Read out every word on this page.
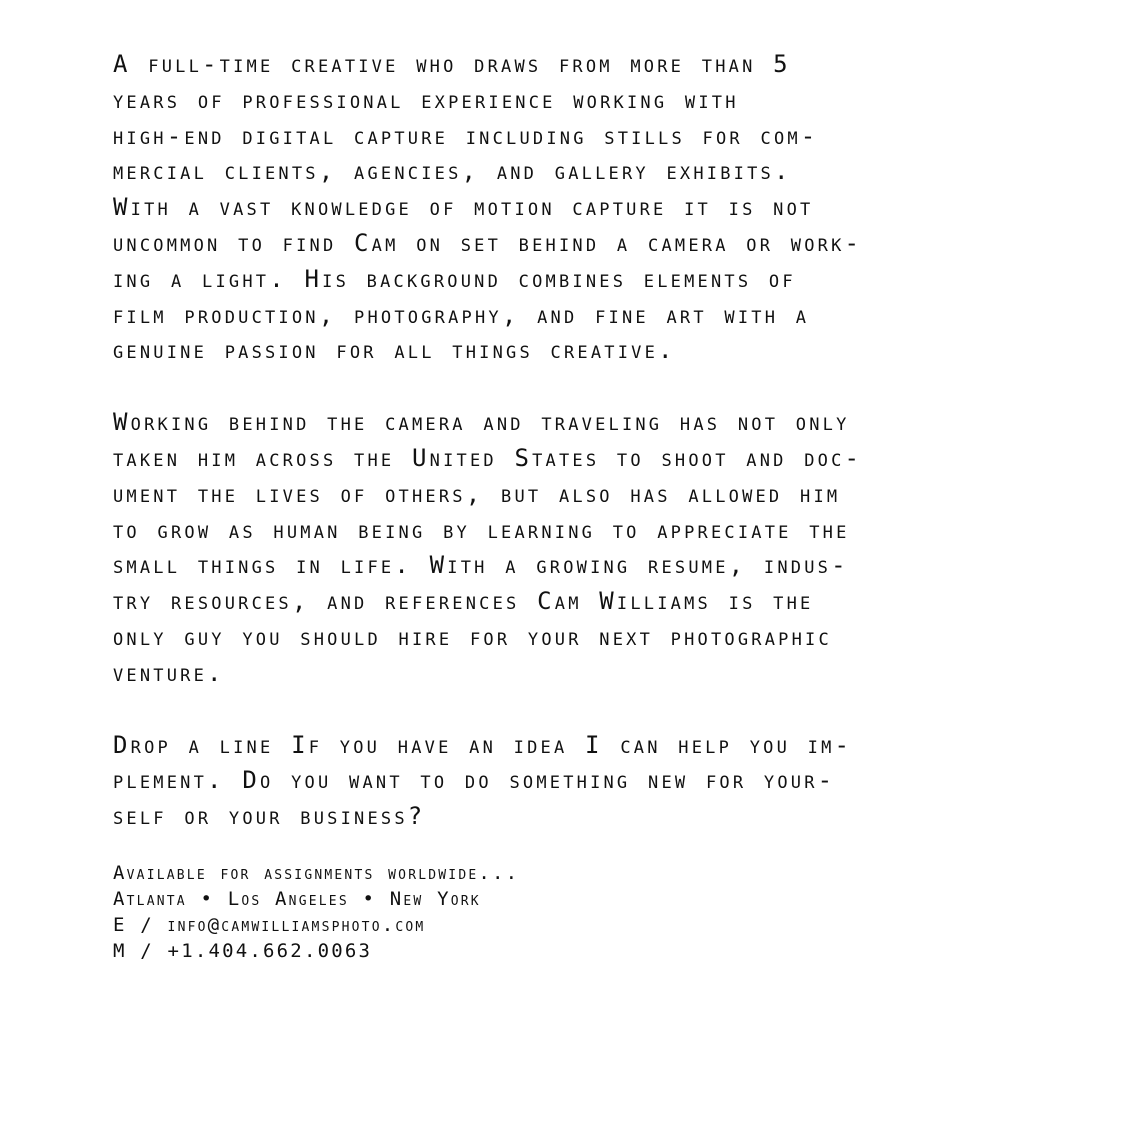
A full-time creative who draws from more than 5
years of professional experience working with
high-end digital capture including stills for com-
mercial clients, agencies, and gallery exhibits.
With a vast knowledge of motion capture it is not
uncommon to find Cam on set behind a camera or work-
ing a light. His background combines elements of
film production, photography, and fine art with a
genuine passion for all things creative.
Working behind the camera and traveling has not only
taken him across the United States to shoot and doc-
ument the lives of others, but also has allowed him
to grow as human being by learning to appreciate the
small things in life. With a growing resume, indus-
try resources, and references Cam Williams is the
only guy you should hire for your next photographic
venture.
Drop a line If you have an idea I can help you im-
plement. Do you want to do something new for your-
self or your business?
Available for assignments worldwide...
Atlanta • Los Angeles • New York
E / info@camwilliamsphoto.com
M / +1.404.662.0063
